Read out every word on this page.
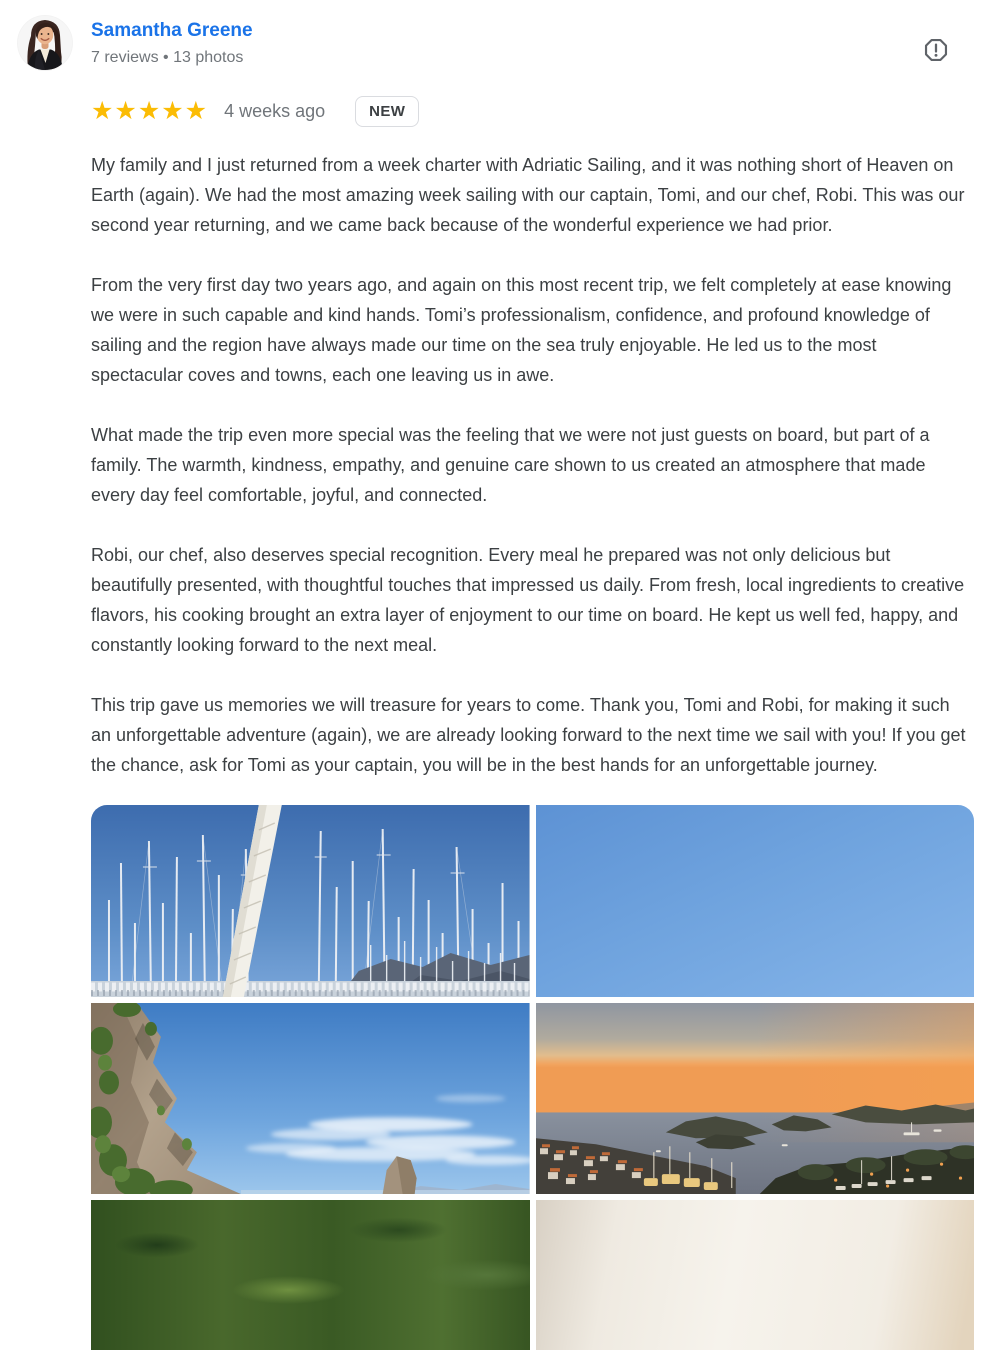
Samantha Greene
7 reviews • 13 photos
★★★★★ 4 weeks ago	NEW

My family and I just returned from a week charter with Adriatic Sailing, and it was nothing short of Heaven on Earth (again). We had the most amazing week sailing with our captain, Tomi, and our chef, Robi. This was our second year returning, and we came back because of the wonderful experience we had prior.

From the very first day two years ago, and again on this most recent trip, we felt completely at ease knowing we were in such capable and kind hands. Tomi’s professionalism, confidence, and profound knowledge of sailing and the region have always made our time on the sea truly enjoyable. He led us to the most spectacular coves and towns, each one leaving us in awe.

What made the trip even more special was the feeling that we were not just guests on board, but part of a family. The warmth, kindness, empathy, and genuine care shown to us created an atmosphere that made every day feel comfortable, joyful, and connected.

Robi, our chef, also deserves special recognition. Every meal he prepared was not only delicious but beautifully presented, with thoughtful touches that impressed us daily. From fresh, local ingredients to creative flavors, his cooking brought an extra layer of enjoyment to our time on board. He kept us well fed, happy, and constantly looking forward to the next meal.

This trip gave us memories we will treasure for years to come. Thank you, Tomi and Robi, for making it such an unforgettable adventure (again), we are already looking forward to the next time we sail with you! If you get the chance, ask for Tomi as your captain, you will be in the best hands for an unforgettable journey.
